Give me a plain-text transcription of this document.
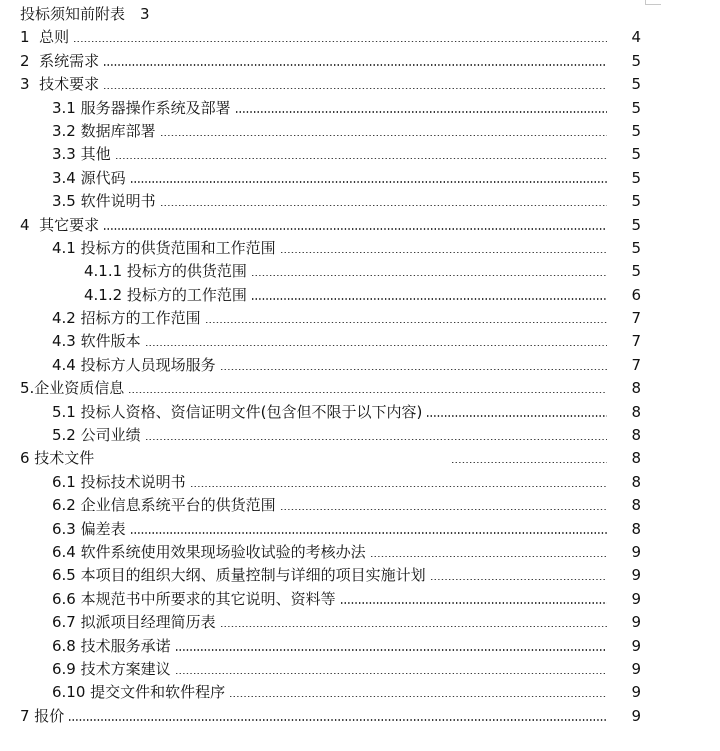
投标须知前附表 3
1  总则	4
2  系统需求	5
3  技术要求	5
3.1 服务器操作系统及部署	5
3.2 数据库部署	5
3.3 其他	5
3.4 源代码	5
3.5 软件说明书	5
4  其它要求	5
4.1 投标方的供货范围和工作范围	5
4.1.1 投标方的供货范围	5
4.1.2 投标方的工作范围	6
4.2 招标方的工作范围	7
4.3 软件版本	7
4.4 投标方人员现场服务	7
5.企业资质信息	8
5.1 投标人资格、资信证明文件(包含但不限于以下内容)	8
5.2 公司业绩	8
6 技术文件	8
6.1 投标技术说明书	8
6.2 企业信息系统平台的供货范围	8
6.3 偏差表	8
6.4 软件系统使用效果现场验收试验的考核办法	9
6.5 本项目的组织大纲、质量控制与详细的项目实施计划	9
6.6 本规范书中所要求的其它说明、资料等	9
6.7 拟派项目经理简历表	9
6.8 技术服务承诺	9
6.9 技术方案建议	9
6.10 提交文件和软件程序	9
7 报价	9
